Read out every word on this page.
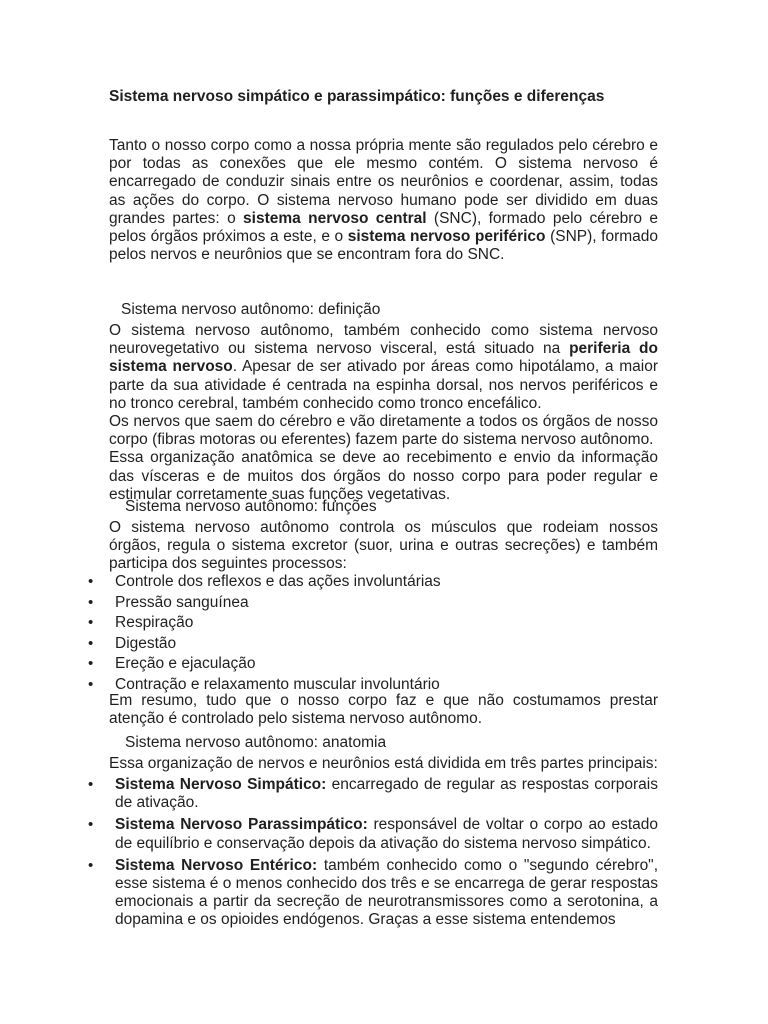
Sistema nervoso simpático e parassimpático: funções e diferenças

Tanto o nosso corpo como a nossa própria mente são regulados pelo cérebro e por todas as conexões que ele mesmo contém. O sistema nervoso é encarregado de conduzir sinais entre os neurônios e coordenar, assim, todas as ações do corpo. O sistema nervoso humano pode ser dividido em duas grandes partes: o sistema nervoso central (SNC), formado pelo cérebro e pelos órgãos próximos a este, e o sistema nervoso periférico (SNP), formado pelos nervos e neurônios que se encontram fora do SNC.

Sistema nervoso autônomo: definição

O sistema nervoso autônomo, também conhecido como sistema nervoso neurovegetativo ou sistema nervoso visceral, está situado na periferia do sistema nervoso. Apesar de ser ativado por áreas como hipotálamo, a maior parte da sua atividade é centrada na espinha dorsal, nos nervos periféricos e no tronco cerebral, também conhecido como tronco encefálico.

Os nervos que saem do cérebro e vão diretamente a todos os órgãos de nosso corpo (fibras motoras ou eferentes) fazem parte do sistema nervoso autônomo.

Essa organização anatômica se deve ao recebimento e envio da informação das vísceras e de muitos dos órgãos do nosso corpo para poder regular e estimular corretamente suas funções vegetativas.

Sistema nervoso autônomo: funções
O sistema nervoso autônomo controla os músculos que rodeiam nossos órgãos, regula o sistema excretor (suor, urina e outras secreções) e também participa dos seguintes processos:
• Controle dos reflexos e das ações involuntárias
• Pressão sanguínea
• Respiração
• Digestão
• Ereção e ejaculação
• Contração e relaxamento muscular involuntário
Em resumo, tudo que o nosso corpo faz e que não costumamos prestar atenção é controlado pelo sistema nervoso autônomo.
Sistema nervoso autônomo: anatomia
Essa organização de nervos e neurônios está dividida em três partes principais:
• Sistema Nervoso Simpático: encarregado de regular as respostas corporais de ativação.
• Sistema Nervoso Parassimpático: responsável de voltar o corpo ao estado de equilíbrio e conservação depois da ativação do sistema nervoso simpático.
• Sistema Nervoso Entérico: também conhecido como o "segundo cérebro", esse sistema é o menos conhecido dos três e se encarrega de gerar respostas emocionais a partir da secreção de neurotransmissores como a serotonina, a dopamina e os opioides endógenos. Graças a esse sistema entendemos
